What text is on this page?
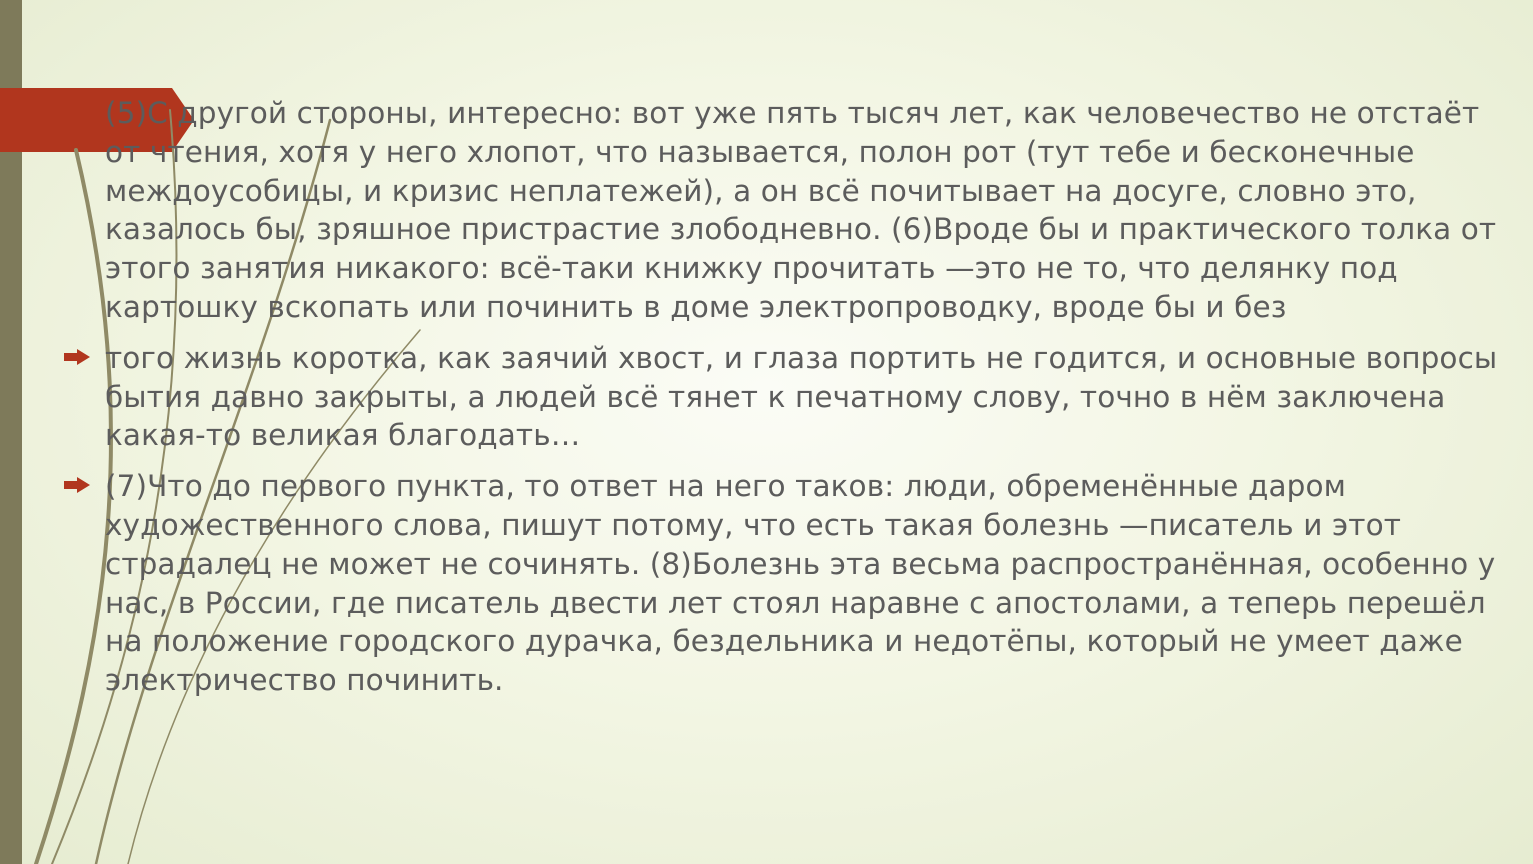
(5)С другой стороны, интересно: вот уже пять тысяч лет, как человечество не отстаёт от чтения, хотя у него хлопот, что называется, полон рот (тут тебе и бесконечные междоусобицы, и кризис неплатежей), а он всё почитывает на досуге, словно это, казалось бы, зряшное пристрастие злободневно. (6)Вроде бы и практического толка от этого занятия никакого: всё-таки книжку прочитать —это не то, что делянку под картошку вскопать или починить в доме электропроводку, вроде бы и без
того жизнь коротка, как заячий хвост, и глаза портить не годится, и основные вопросы бытия давно закрыты, а людей всё тянет к печатному слову, точно в нём заключена какая-то великая благодать…
(7)Что до первого пункта, то ответ на него таков: люди, обременённые даром художественного слова, пишут потому, что есть такая болезнь —писатель и этот страдалец не может не сочинять. (8)Болезнь эта весьма распространённая, особенно у нас, в России, где писатель двести лет стоял наравне с апостолами, а теперь перешёл на положение городского дурачка, бездельника и недотёпы, который не умеет даже электричество починить.
